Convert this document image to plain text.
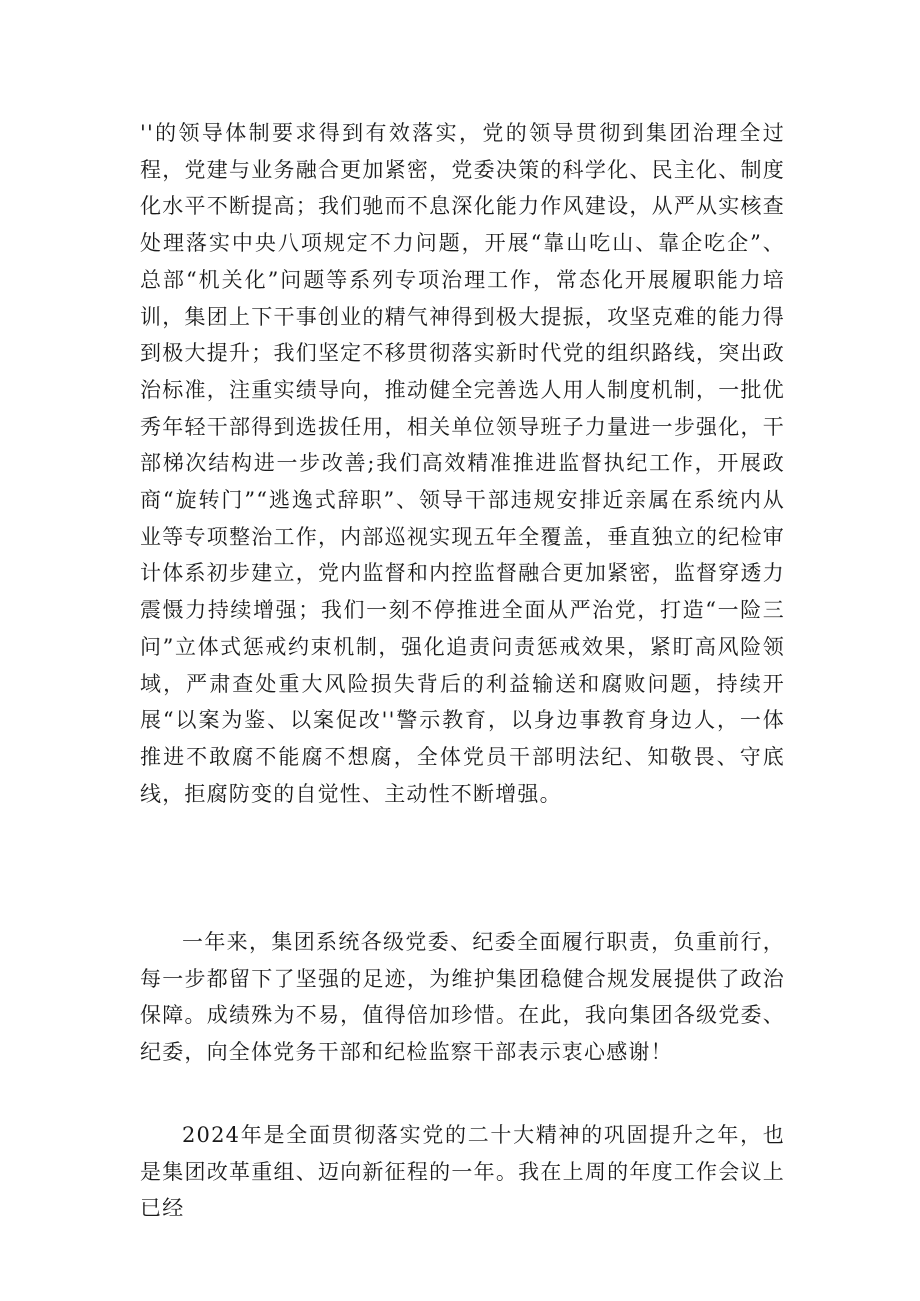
''的领导体制要求得到有效落实，党的领导贯彻到集团治理全过程，党建与业务融合更加紧密，党委决策的科学化、民主化、制度化水平不断提高；我们驰而不息深化能力作风建设，从严从实核查处理落实中央八项规定不力问题，开展“靠山吃山、靠企吃企”、总部“机关化”问题等系列专项治理工作，常态化开展履职能力培训，集团上下干事创业的精气神得到极大提振，攻坚克难的能力得到极大提升；我们坚定不移贯彻落实新时代党的组织路线，突出政治标准，注重实绩导向，推动健全完善选人用人制度机制，一批优秀年轻干部得到选拔任用，相关单位领导班子力量进一步强化，干部梯次结构进一步改善;我们高效精准推进监督执纪工作，开展政商“旋转门”“逃逸式辞职”、领导干部违规安排近亲属在系统内从业等专项整治工作，内部巡视实现五年全覆盖，垂直独立的纪检审计体系初步建立，党内监督和内控监督融合更加紧密，监督穿透力震慑力持续增强；我们一刻不停推进全面从严治党，打造“一险三问”立体式惩戒约束机制，强化追责问责惩戒效果，紧盯高风险领域，严肃查处重大风险损失背后的利益输送和腐败问题，持续开展“以案为鉴、以案促改''警示教育，以身边事教育身边人，一体推进不敢腐不能腐不想腐，全体党员干部明法纪、知敬畏、守底线，拒腐防变的自觉性、主动性不断增强。
一年来，集团系统各级党委、纪委全面履行职责，负重前行，每一步都留下了坚强的足迹，为维护集团稳健合规发展提供了政治保障。成绩殊为不易，值得倍加珍惜。在此，我向集团各级党委、纪委，向全体党务干部和纪检监察干部表示衷心感谢！
2024年是全面贯彻落实党的二十大精神的巩固提升之年，也是集团改革重组、迈向新征程的一年。我在上周的年度工作会议上已经
